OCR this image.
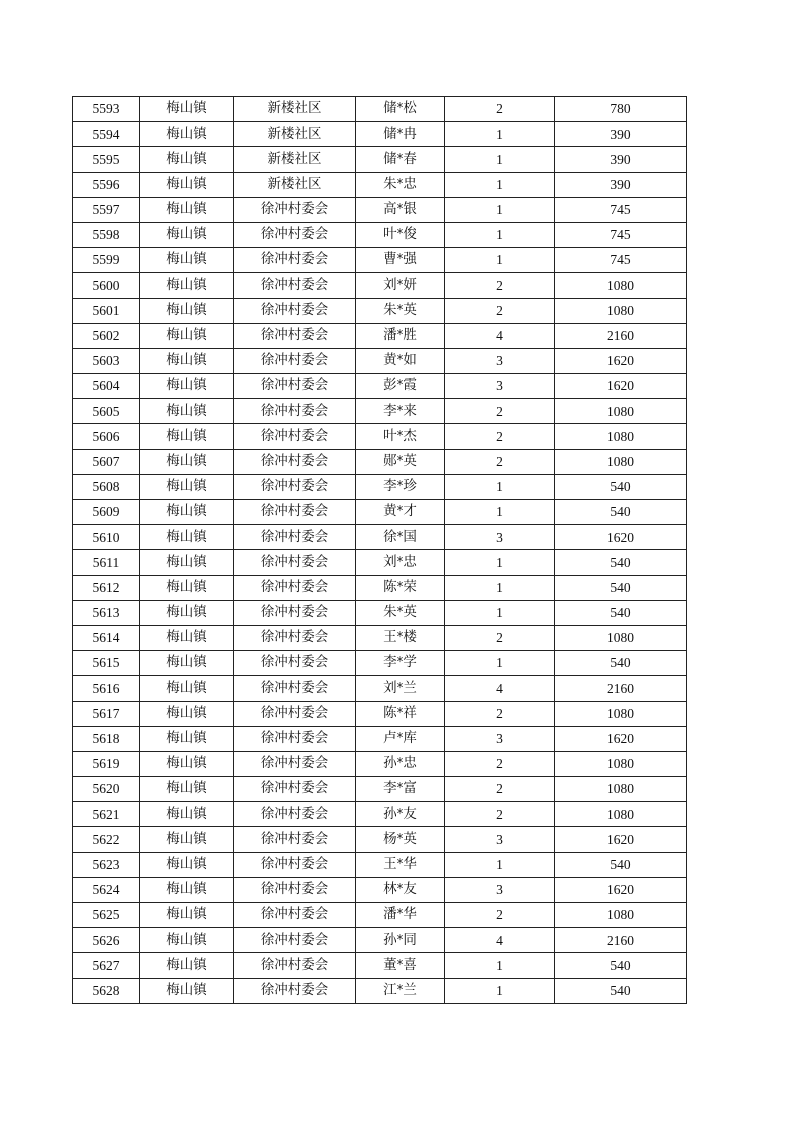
5593	梅山镇	新楼社区	储*松	2	780
5594	梅山镇	新楼社区	储*冉	1	390
5595	梅山镇	新楼社区	储*春	1	390
5596	梅山镇	新楼社区	朱*忠	1	390
5597	梅山镇	徐冲村委会	高*银	1	745
5598	梅山镇	徐冲村委会	叶*俊	1	745
5599	梅山镇	徐冲村委会	曹*强	1	745
5600	梅山镇	徐冲村委会	刘*妍	2	1080
5601	梅山镇	徐冲村委会	朱*英	2	1080
5602	梅山镇	徐冲村委会	潘*胜	4	2160
5603	梅山镇	徐冲村委会	黄*如	3	1620
5604	梅山镇	徐冲村委会	彭*霞	3	1620
5605	梅山镇	徐冲村委会	李*来	2	1080
5606	梅山镇	徐冲村委会	叶*杰	2	1080
5607	梅山镇	徐冲村委会	郧*英	2	1080
5608	梅山镇	徐冲村委会	李*珍	1	540
5609	梅山镇	徐冲村委会	黄*才	1	540
5610	梅山镇	徐冲村委会	徐*国	3	1620
5611	梅山镇	徐冲村委会	刘*忠	1	540
5612	梅山镇	徐冲村委会	陈*荣	1	540
5613	梅山镇	徐冲村委会	朱*英	1	540
5614	梅山镇	徐冲村委会	王*楼	2	1080
5615	梅山镇	徐冲村委会	李*学	1	540
5616	梅山镇	徐冲村委会	刘*兰	4	2160
5617	梅山镇	徐冲村委会	陈*祥	2	1080
5618	梅山镇	徐冲村委会	卢*库	3	1620
5619	梅山镇	徐冲村委会	孙*忠	2	1080
5620	梅山镇	徐冲村委会	李*富	2	1080
5621	梅山镇	徐冲村委会	孙*友	2	1080
5622	梅山镇	徐冲村委会	杨*英	3	1620
5623	梅山镇	徐冲村委会	王*华	1	540
5624	梅山镇	徐冲村委会	林*友	3	1620
5625	梅山镇	徐冲村委会	潘*华	2	1080
5626	梅山镇	徐冲村委会	孙*同	4	2160
5627	梅山镇	徐冲村委会	董*喜	1	540
5628	梅山镇	徐冲村委会	江*兰	1	540
